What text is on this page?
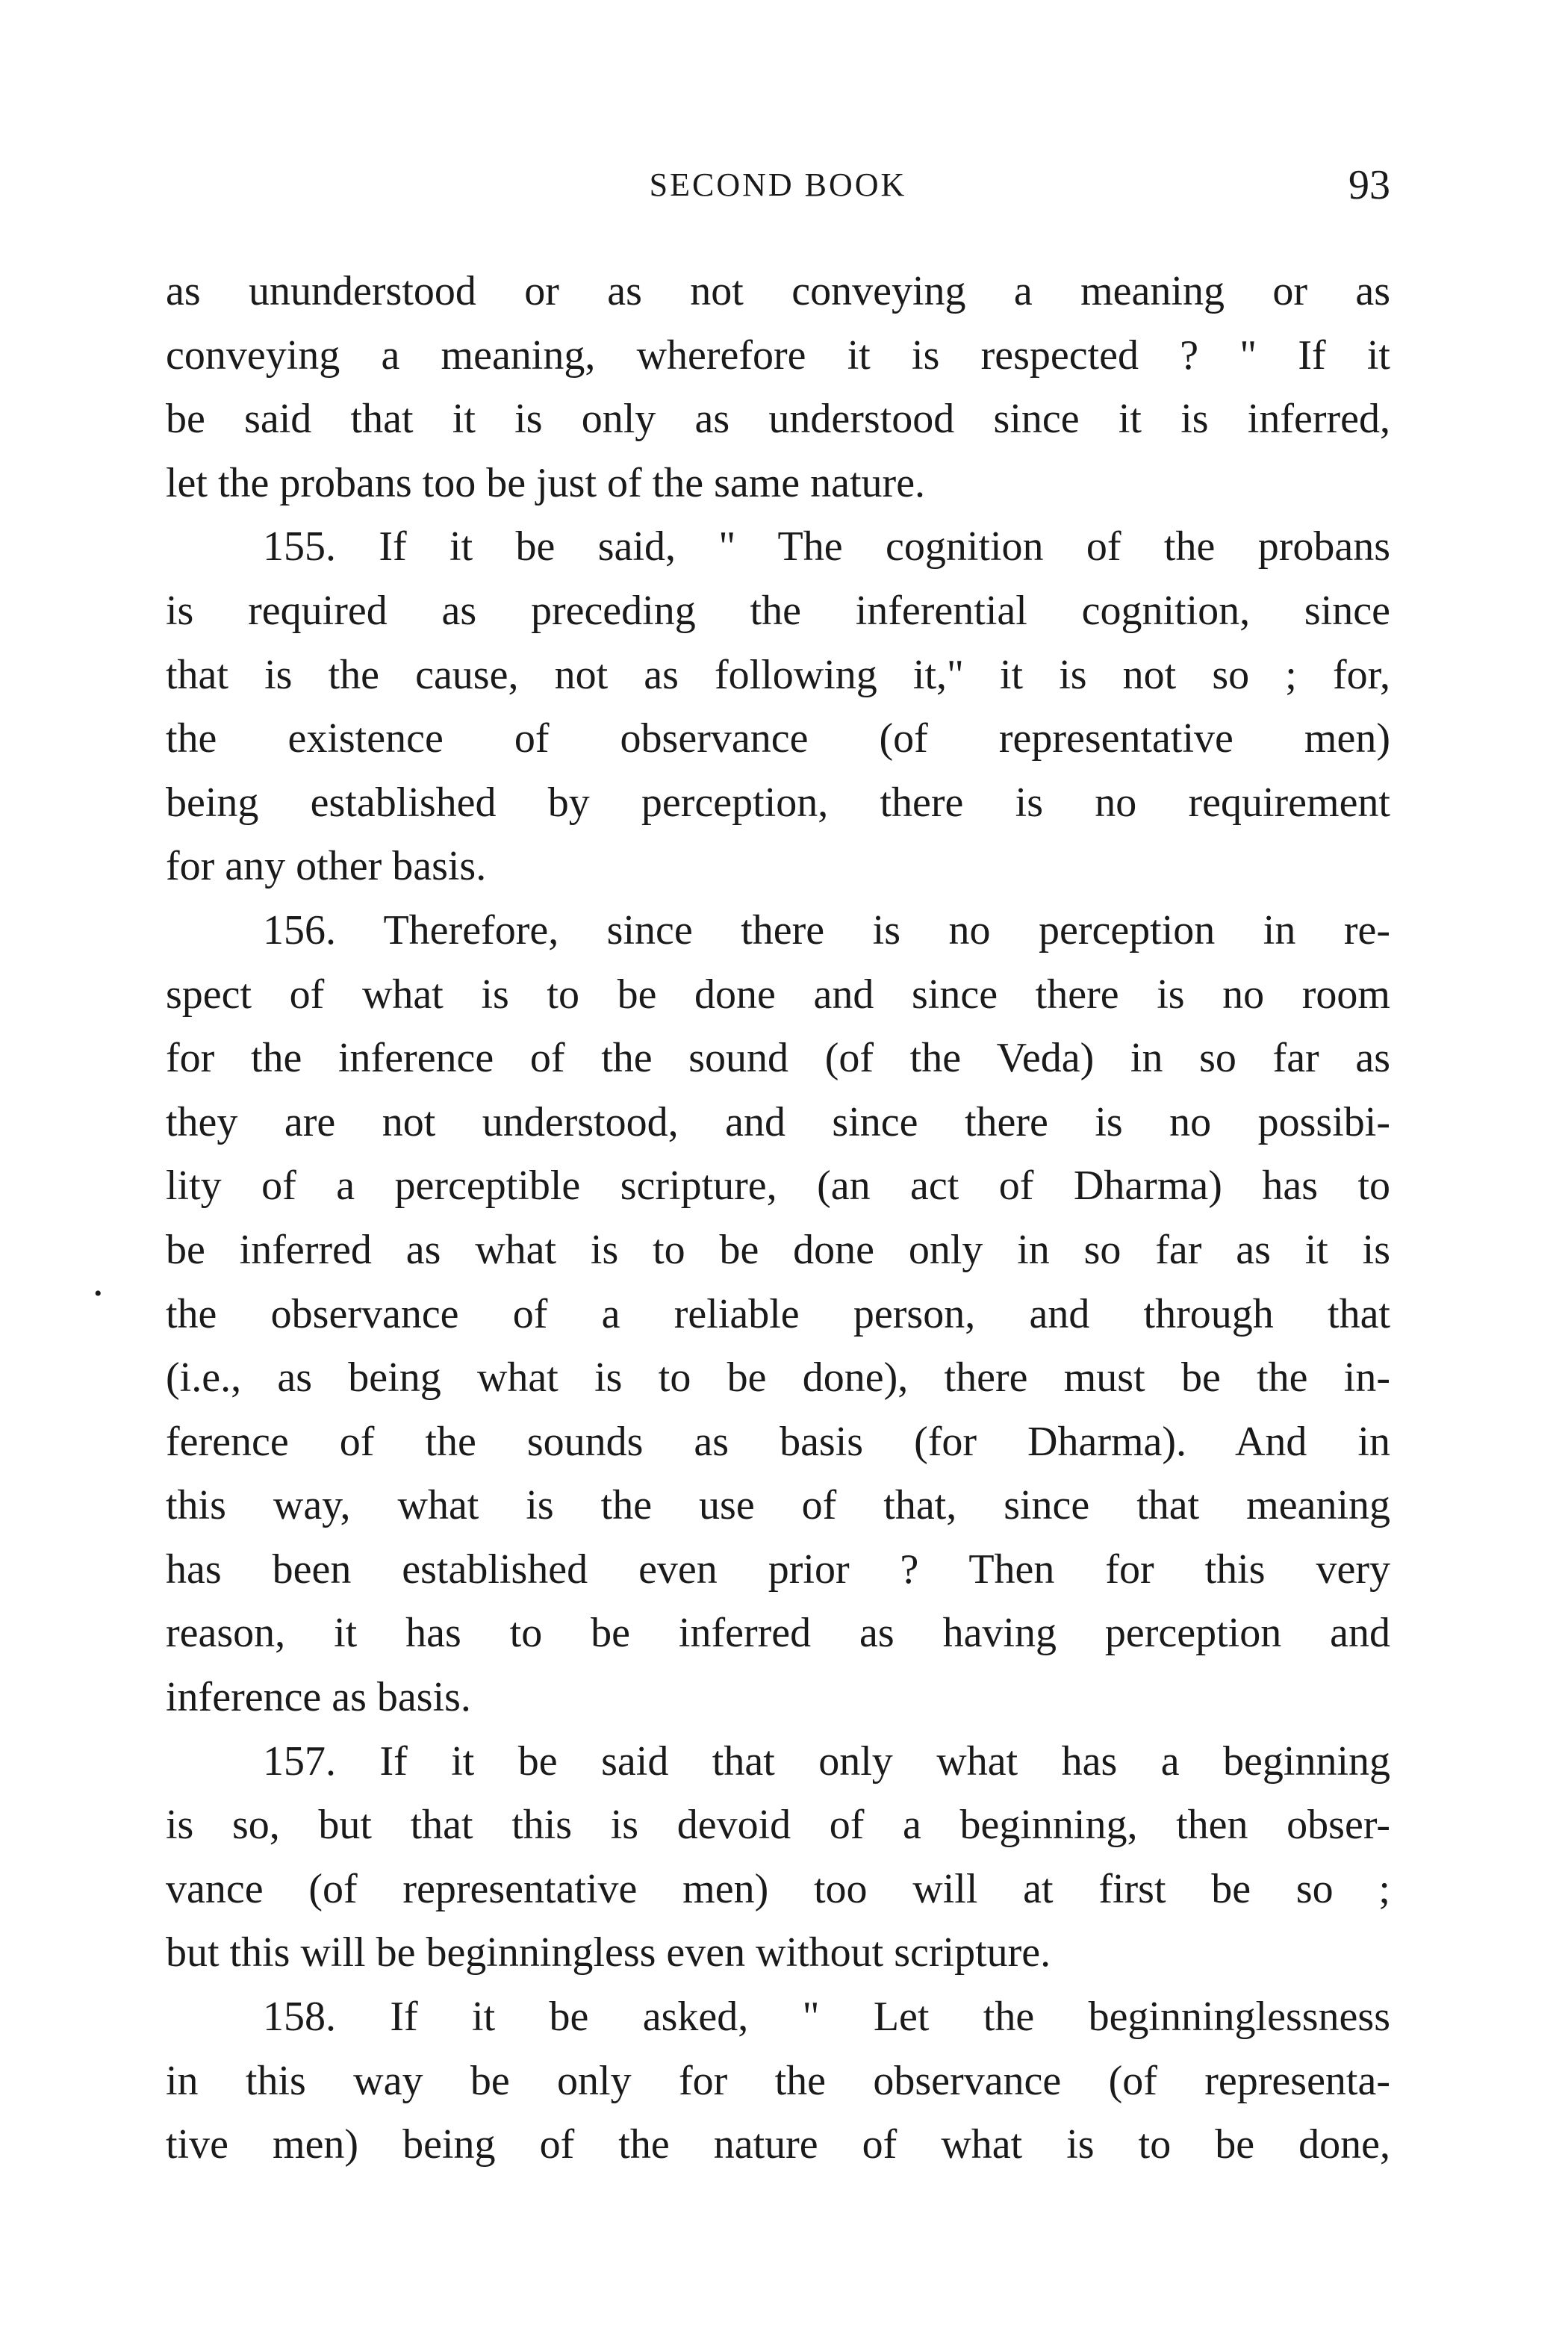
SECOND BOOK	93
•
as ununderstood or as not conveying a meaning or as
conveying a meaning, wherefore it is respected ? " If it
be said that it is only as understood since it is inferred,
let the probans too be just of the same nature.
155. If it be said, " The cognition of the probans
is required as preceding the inferential cognition, since
that is the cause, not as following it," it is not so ; for,
the existence of observance (of representative men)
being established by perception, there is no requirement
for any other basis.
156. Therefore, since there is no perception in re-
spect of what is to be done and since there is no room
for the inference of the sound (of the Veda) in so far as
they are not understood, and since there is no possibi-
lity of a perceptible scripture, (an act of Dharma) has to
be inferred as what is to be done only in so far as it is
the observance of a reliable person, and through that
(i.e., as being what is to be done), there must be the in-
ference of the sounds as basis (for Dharma). And in
this way, what is the use of that, since that meaning
has been established even prior ? Then for this very
reason, it has to be inferred as having perception and
inference as basis.
157. If it be said that only what has a beginning
is so, but that this is devoid of a beginning, then obser-
vance (of representative men) too will at first be so ;
but this will be beginningless even without scripture.
158. If it be asked, " Let the beginninglessness
in this way be only for the observance (of representa-
tive men) being of the nature of what is to be done,
